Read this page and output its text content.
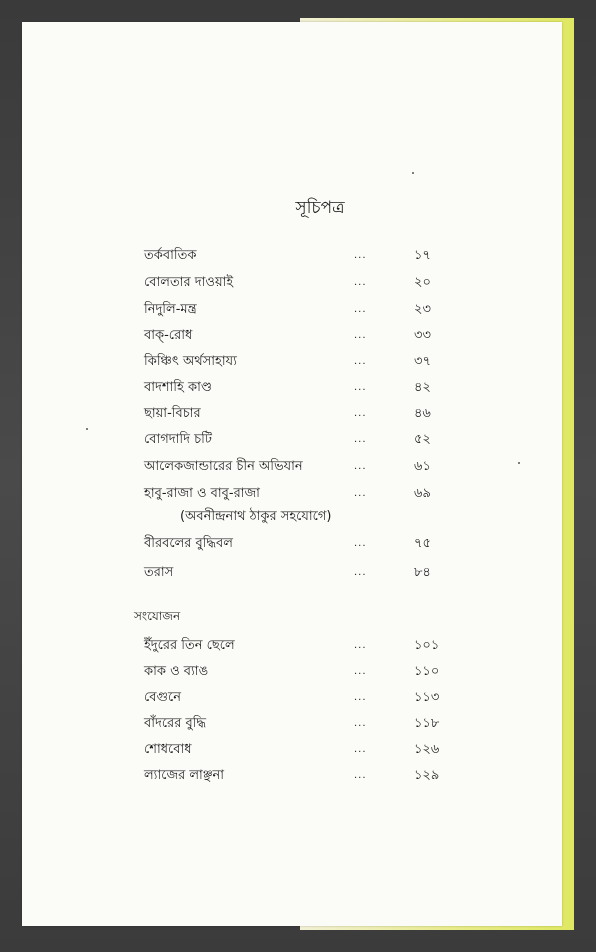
সূচিপত্র
তর্কবাতিক	...	১৭
বোলতার দাওয়াই	...	২০
নিদুলি-মন্ত্র	...	২৩
বাক্-রোধ	...	৩৩
কিঞ্চিৎ অর্থসাহায্য	...	৩৭
বাদশাহি কাণ্ড	...	৪২
ছায়া-বিচার	...	৪৬
বোগদাদি চটি	...	৫২
আলেকজান্ডারের চীন অভিযান	...	৬১
হাবু-রাজা ও বাবু-রাজা	...	৬৯
(অবনীন্দ্রনাথ ঠাকুর সহযোগে)
বীরবলের বুদ্ধিবল	...	৭৫
তরাস	...	৮৪
সংযোজন
ইঁদুরের তিন ছেলে	...	১০১
কাক ও ব্যাঙ	...	১১০
বেগুনে	...	১১৩
বাঁদরের বুদ্ধি	...	১১৮
শোধবোধ	...	১২৬
ল্যাজের লাঞ্ছনা	...	১২৯
